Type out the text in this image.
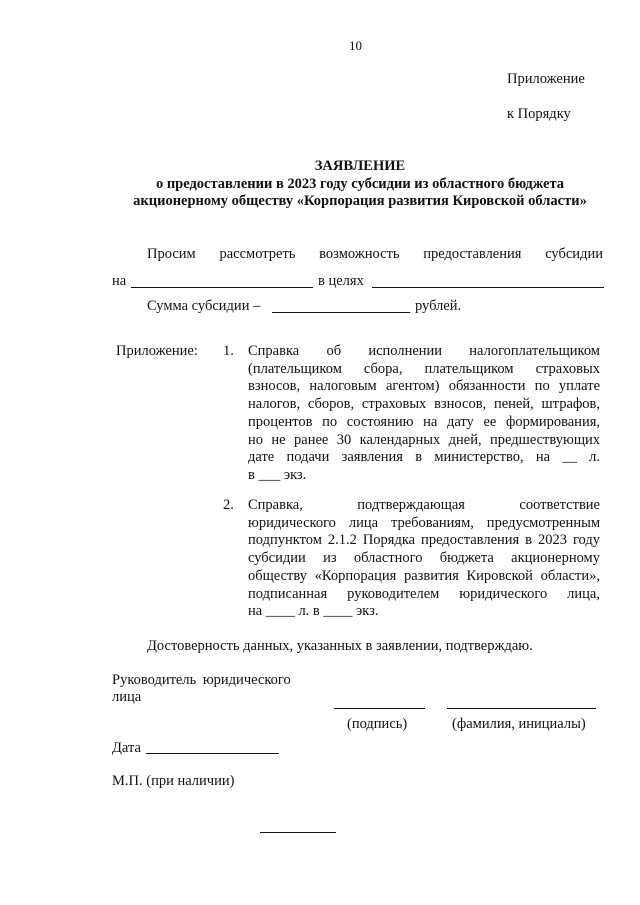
10
Приложение
к Порядку
ЗАЯВЛЕНИЕ
о предоставлении в 2023 году субсидии из областного бюджета
акционерному обществу «Корпорация развития Кировской области»
Просим рассмотреть возможность предоставления субсидии
на	в целях
Сумма субсидии –	рублей.
Приложение: 1. Справка об исполнении налогоплательщиком
(плательщиком сбора, плательщиком страховых
взносов, налоговым агентом) обязанности по уплате
налогов, сборов, страховых взносов, пеней, штрафов,
процентов по состоянию на дату ее формирования,
но не ранее 30 календарных дней, предшествующих
дате подачи заявления в министерство, на __ л.
в ___ экз.
2. Справка, подтверждающая соответствие
юридического лица требованиям, предусмотренным
подпунктом 2.1.2 Порядка предоставления в 2023 году
субсидии из областного бюджета акционерному
обществу «Корпорация развития Кировской области»,
подписанная руководителем юридического лица,
на ____ л. в ____ экз.
Достоверность данных, указанных в заявлении, подтверждаю.
Руководитель юридического
лица
(подпись)	(фамилия, инициалы)
Дата
М.П. (при наличии)
